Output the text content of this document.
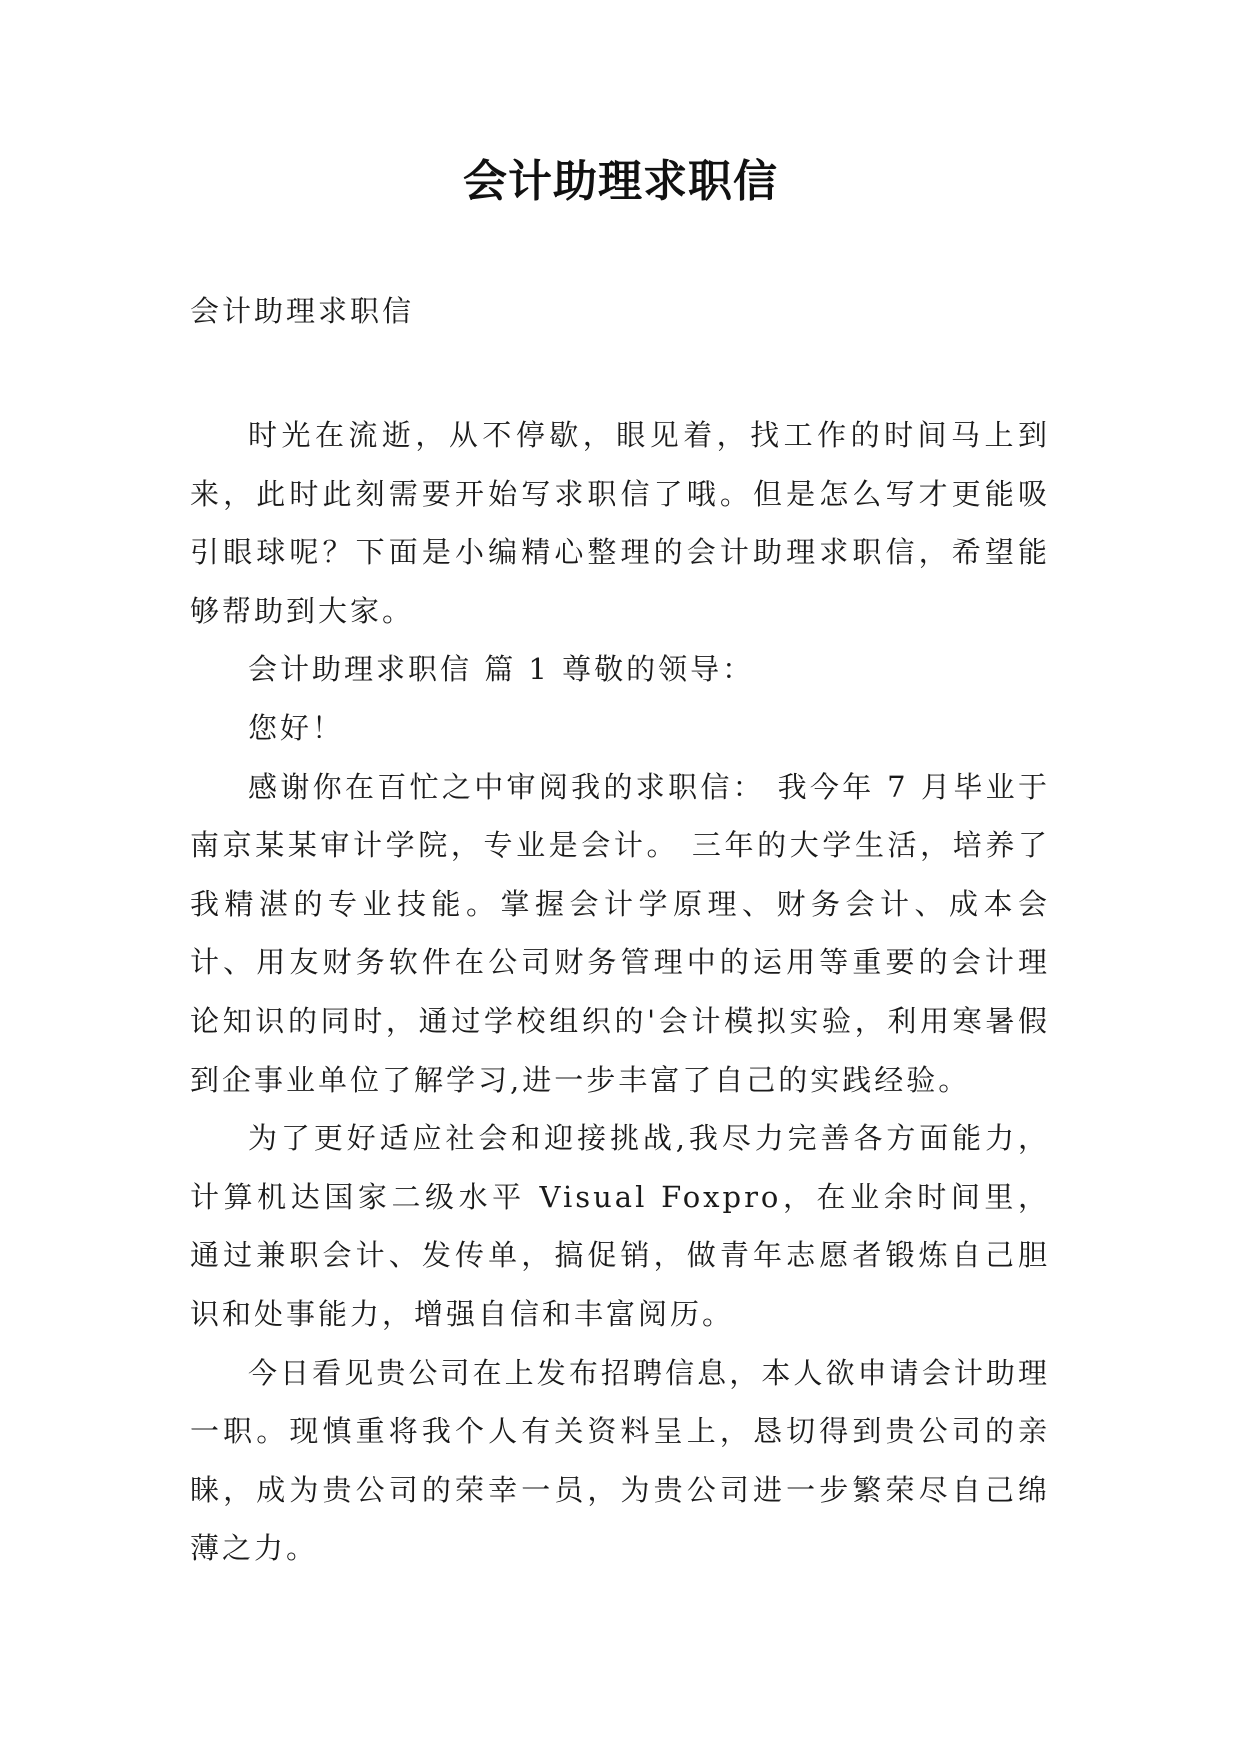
会计助理求职信
会计助理求职信

时光在流逝，从不停歇，眼见着，找工作的时间马上到来，此时此刻需要开始写求职信了哦。但是怎么写才更能吸引眼球呢？下面是小编精心整理的会计助理求职信，希望能够帮助到大家。

会计助理求职信 篇 1 尊敬的领导：

您好！

感谢你在百忙之中审阅我的求职信： 我今年 7 月毕业于南京某某审计学院，专业是会计。 三年的大学生活，培养了我精湛的专业技能。掌握会计学原理、财务会计、成本会计、用友财务软件在公司财务管理中的运用等重要的会计理论知识的同时，通过学校组织的'会计模拟实验，利用寒暑假到企事业单位了解学习,进一步丰富了自己的实践经验。

为了更好适应社会和迎接挑战,我尽力完善各方面能力，计算机达国家二级水平 Visual Foxpro，在业余时间里，通过兼职会计、发传单，搞促销，做青年志愿者锻炼自己胆识和处事能力，增强自信和丰富阅历。

今日看见贵公司在上发布招聘信息，本人欲申请会计助理一职。现慎重将我个人有关资料呈上，恳切得到贵公司的亲睐，成为贵公司的荣幸一员，为贵公司进一步繁荣尽自己绵薄之力。
